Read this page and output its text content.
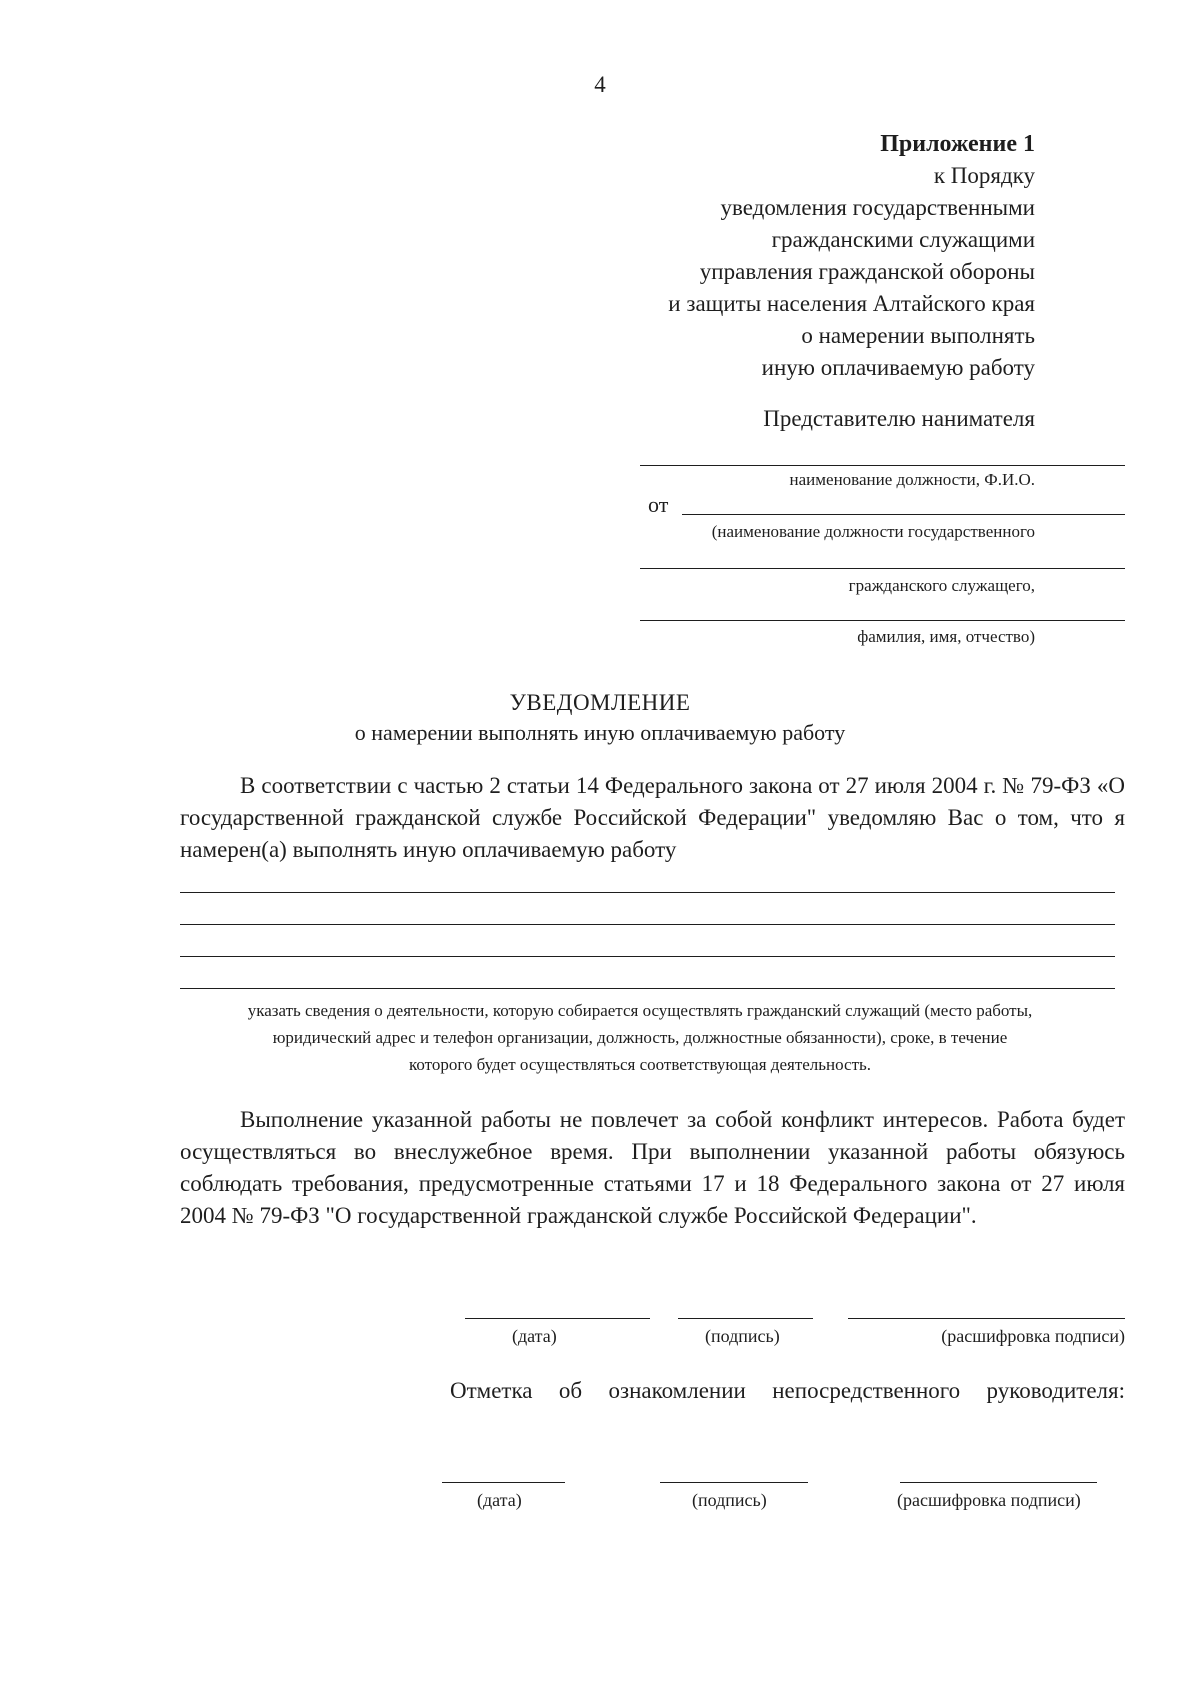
4
Приложение 1
к Порядку
уведомления государственными
гражданскими служащими
управления гражданской обороны
и защиты населения Алтайского края
о намерении выполнять
иную оплачиваемую работу
Представителю нанимателя
наименование должности, Ф.И.О.
от
(наименование должности государственного
гражданского служащего,
фамилия, имя, отчество)
УВЕДОМЛЕНИЕ
о намерении выполнять иную оплачиваемую работу

В соответствии с частью 2 статьи 14 Федерального закона от 27 июля 2004 г. № 79-ФЗ «О государственной гражданской службе Российской Федерации" уведомляю Вас о том, что я намерен(а) выполнять иную оплачиваемую работу

указать сведения о деятельности, которую собирается осуществлять гражданский служащий (место работы,
юридический адрес и телефон организации, должность, должностные обязанности), сроке, в течение
которого будет осуществляться соответствующая деятельность.

Выполнение указанной работы не повлечет за собой конфликт интересов. Работа будет осуществляться во внеслужебное время. При выполнении указанной работы обязуюсь соблюдать требования, предусмотренные статьями 17 и 18 Федерального закона от 27 июля 2004 № 79-ФЗ "О государственной гражданской службе Российской Федерации".

(дата)	(подпись)	(расшифровка подписи)
Отметка об ознакомлении непосредственного руководителя:
(дата)	(подпись)	(расшифровка подписи)
